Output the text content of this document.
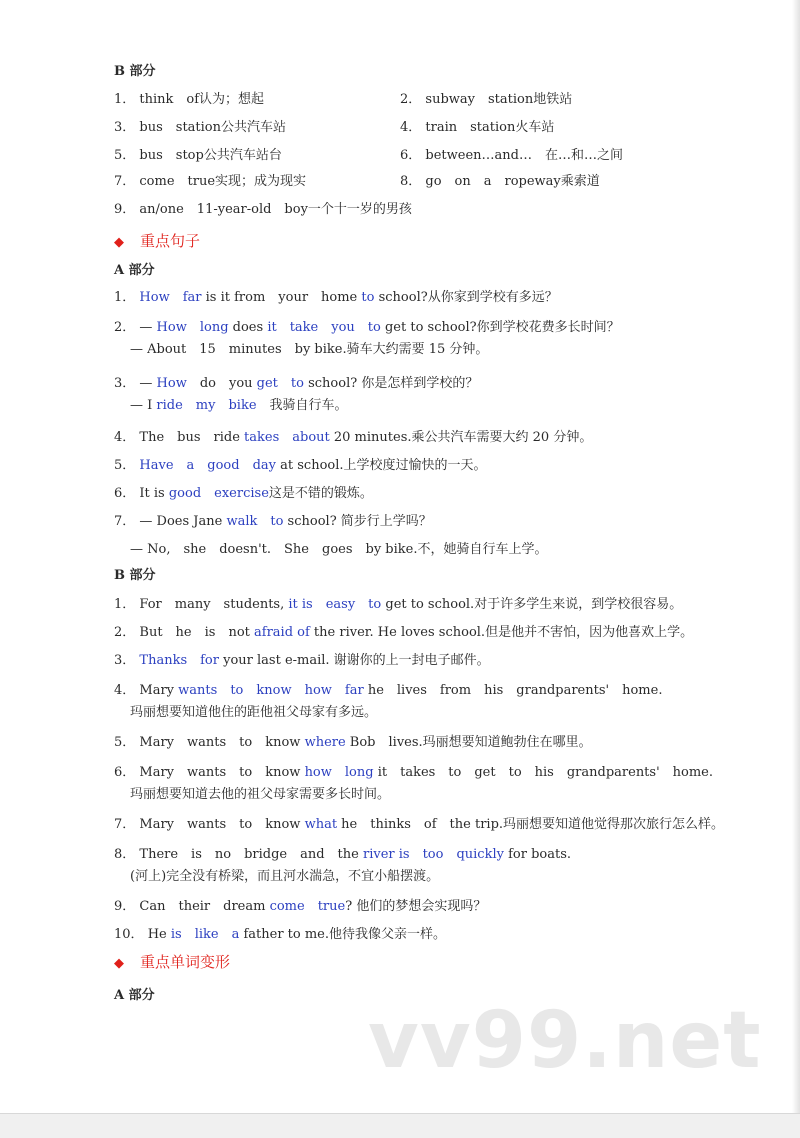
vv99.net
B 部分
1． think　of认为；想起	2． subway　station地铁站
3． bus　station公共汽车站	4． train　station火车站
5． bus　stop公共汽车站台	6． between…and…　在…和…之间
7． come　true实现；成为现实	8． go　on　a　ropeway乘索道
9． an/one　11-year-old　boy一个十一岁的男孩
◆ 重点句子
A 部分
1． How　far is it from　your　home to school?从你家到学校有多远？
2． — How　long does it　take　you　to get to school?你到学校花费多长时间？
— About　15　minutes　by bike.骑车大约需要 15 分钟。
3． — How　do　you get　to school? 你是怎样到学校的？
— I ride　my　bike　我骑自行车。
4． The　bus　ride takes　about 20 minutes.乘公共汽车需要大约 20 分钟。
5． Have　a　good　day at school.上学校度过愉快的一天。
6． It is good　exercise这是不错的锻炼。
7． — Does Jane walk　to school? 简步行上学吗？
— No,　she　doesn't.　She　goes　by bike.不，她骑自行车上学。
B 部分
1． For　many　students, it is　easy　to get to school.对于许多学生来说，到学校很容易。
2． But　he　is　not afraid of the river. He loves school.但是他并不害怕，因为他喜欢上学。
3． Thanks　for your last e-mail. 谢谢你的上一封电子邮件。
4． Mary wants　to　know　how　far he　lives　from　his　grandparents'　home.
玛丽想要知道他住的距他祖父母家有多远。
5． Mary　wants　to　know where Bob　lives.玛丽想要知道鲍勃住在哪里。
6． Mary　wants　to　know how　long it　takes　to　get　to　his　grandparents'　home.
玛丽想要知道去他的祖父母家需要多长时间。
7． Mary　wants　to　know what he　thinks　of　the trip.玛丽想要知道他觉得那次旅行怎么样。
8． There　is　no　bridge　and　the river is　too　quickly for boats.
(河上)完全没有桥梁，而且河水湍急，不宜小船摆渡。
9． Can　their　dream come　true? 他们的梦想会实现吗？
10． He is　like　a father to me.他待我像父亲一样。
◆ 重点单词变形
A 部分
